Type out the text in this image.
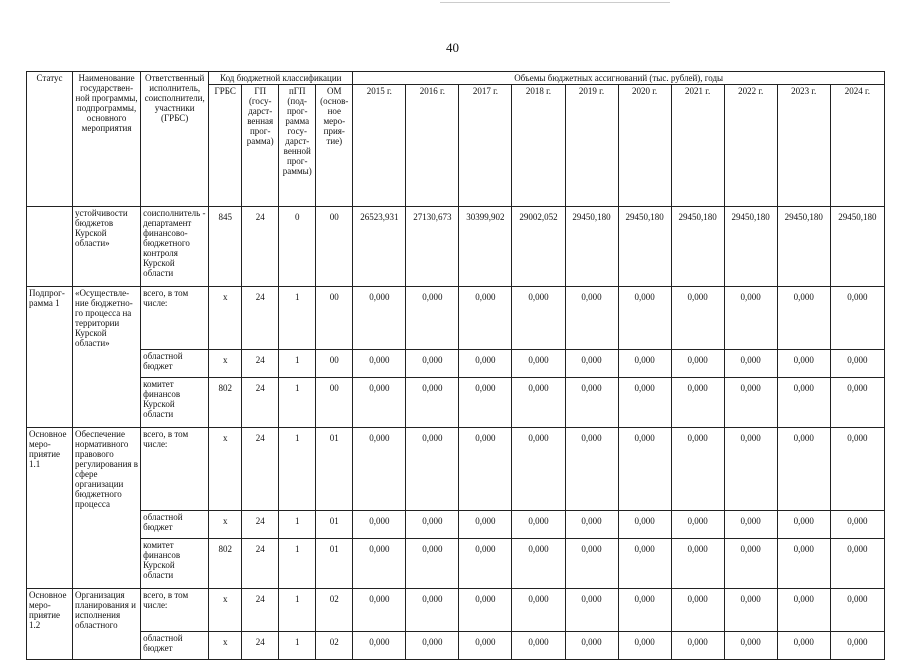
40
Статус	Наименование государствен-ной программы, подпрограммы, основного мероприятия	Ответственный исполнитель, соисполнители, участники (ГРБС)	Код бюджетной классификации				Объемы бюджетных ассигнований (тыс. рублей), годы									
			ГРБС	ГП (госу-дарст-венная прог-рамма)	пГП (под-прог-рамма госу-дарст-венной прог-раммы)	ОМ (основ-ное меро-прия-тие)	2015 г.	2016 г.	2017 г.	2018 г.	2019 г.	2020 г.	2021 г.	2022 г.	2023 г.	2024 г.
	устойчивости бюджетов Курской области»	соисполнитель - департамент финансово-бюджетного контроля Курской области	845	24	0	00	26523,931	27130,673	30399,902	29002,052	29450,180	29450,180	29450,180	29450,180	29450,180	29450,180
Подпрог-рамма 1	«Осуществле-ние бюджетно-го процесса на территории Курской области»	всего, в том числе:	x	24	1	00	0,000	0,000	0,000	0,000	0,000	0,000	0,000	0,000	0,000	0,000
		областной бюджет	x	24	1	00	0,000	0,000	0,000	0,000	0,000	0,000	0,000	0,000	0,000	0,000
		комитет финансов Курской области	802	24	1	00	0,000	0,000	0,000	0,000	0,000	0,000	0,000	0,000	0,000	0,000
Основное меро-приятие 1.1	Обеспечение нормативного правового регулирования в сфере организации бюджетного процесса	всего, в том числе:	x	24	1	01	0,000	0,000	0,000	0,000	0,000	0,000	0,000	0,000	0,000	0,000
		областной бюджет	x	24	1	01	0,000	0,000	0,000	0,000	0,000	0,000	0,000	0,000	0,000	0,000
		комитет финансов Курской области	802	24	1	01	0,000	0,000	0,000	0,000	0,000	0,000	0,000	0,000	0,000	0,000
Основное меро-приятие 1.2	Организация планирования и исполнения областного	всего, в том числе:	x	24	1	02	0,000	0,000	0,000	0,000	0,000	0,000	0,000	0,000	0,000	0,000
		областной бюджет	x	24	1	02	0,000	0,000	0,000	0,000	0,000	0,000	0,000	0,000	0,000	0,000
